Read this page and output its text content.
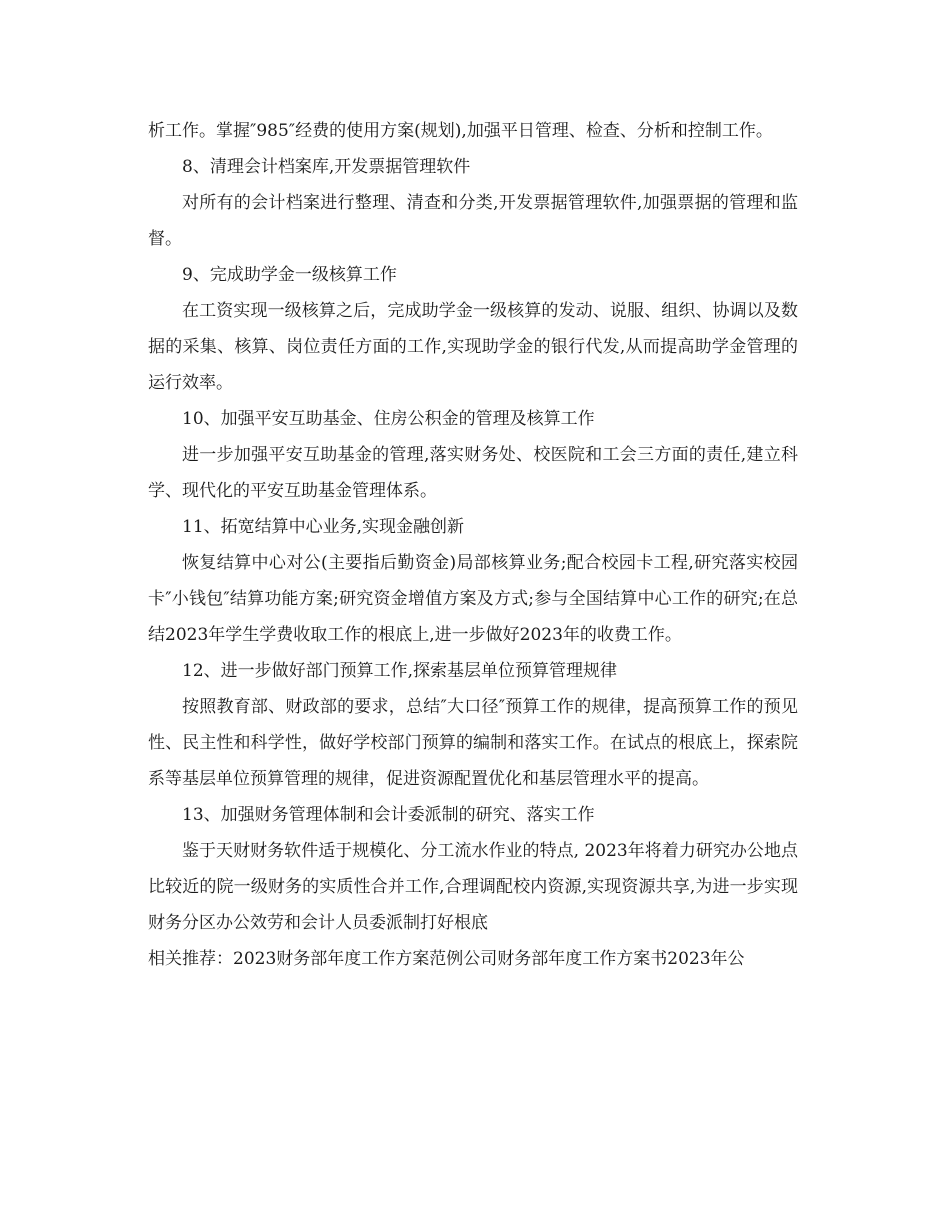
析工作。掌握″985″经费的使用方案(规划),加强平日管理、检查、分析和控制工作。

8、清理会计档案库,开发票据管理软件

对所有的会计档案进行整理、清查和分类,开发票据管理软件,加强票据的管理和监督。

9、完成助学金一级核算工作

在工资实现一级核算之后，完成助学金一级核算的发动、说服、组织、协调以及数据的采集、核算、岗位责任方面的工作,实现助学金的银行代发,从而提高助学金管理的运行效率。

10、加强平安互助基金、住房公积金的管理及核算工作

进一步加强平安互助基金的管理,落实财务处、校医院和工会三方面的责任,建立科学、现代化的平安互助基金管理体系。

11、拓宽结算中心业务,实现金融创新

恢复结算中心对公(主要指后勤资金)局部核算业务;配合校园卡工程,研究落实校园卡″小钱包″结算功能方案;研究资金增值方案及方式;参与全国结算中心工作的研究;在总结2023年学生学费收取工作的根底上,进一步做好2023年的收费工作。

12、进一步做好部门预算工作,探索基层单位预算管理规律

按照教育部、财政部的要求，总结″大口径″预算工作的规律，提高预算工作的预见性、民主性和科学性，做好学校部门预算的编制和落实工作。在试点的根底上，探索院系等基层单位预算管理的规律，促进资源配置优化和基层管理水平的提高。

13、加强财务管理体制和会计委派制的研究、落实工作

鉴于天财财务软件适于规模化、分工流水作业的特点, 2023年将着力研究办公地点比较近的院一级财务的实质性合并工作,合理调配校内资源,实现资源共享,为进一步实现财务分区办公效劳和会计人员委派制打好根底

相关推荐：2023财务部年度工作方案范例公司财务部年度工作方案书2023年公
